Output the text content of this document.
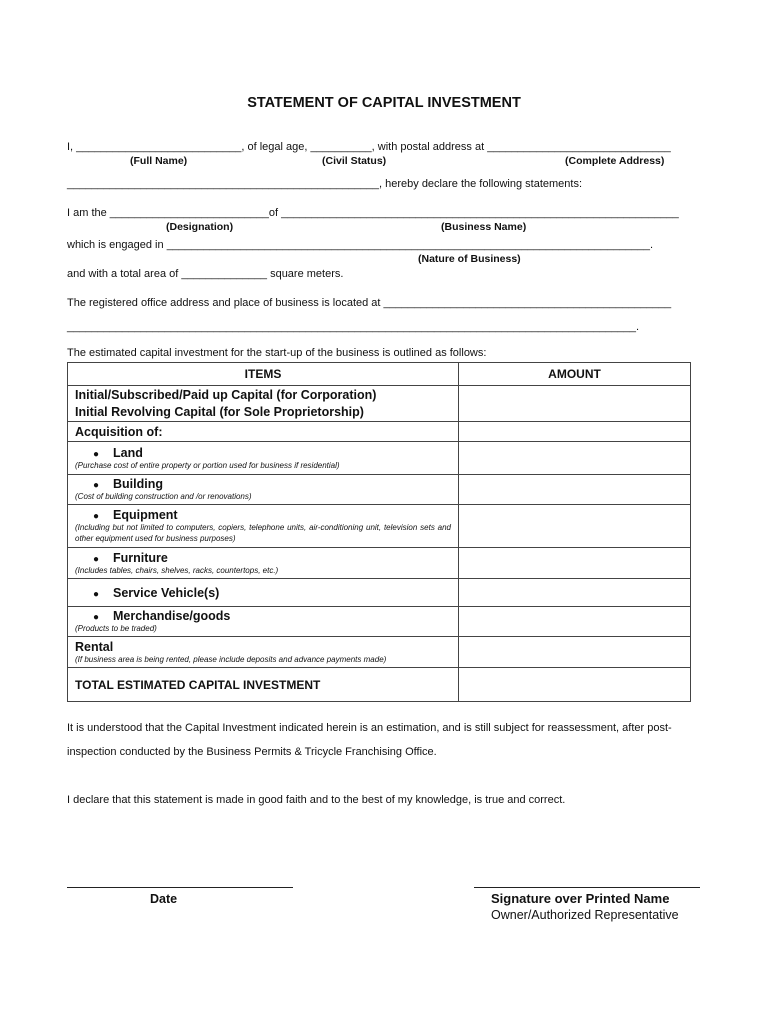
STATEMENT OF CAPITAL INVESTMENT
I, ___________________________, of legal age, __________, with postal address at ______________________________
(Full Name)	(Civil Status)	(Complete Address)
___________________________________________________, hereby declare the following statements:
I am the __________________________of _________________________________________________________________
(Designation)	(Business Name)
which is engaged in _______________________________________________________________________________.
(Nature of Business)
and with a total area of ______________ square meters.
The registered office address and place of business is located at _______________________________________________
_____________________________________________________________________________________________.
The estimated capital investment for the start-up of the business is outlined as follows:
ITEMS	AMOUNT

Initial/Subscribed/Paid up Capital (for Corporation)
Initial Revolving Capital (for Sole Proprietorship)	

Acquisition of:	
● Land
(Purchase cost of entire property or portion used for business if residential)	

● Building
(Cost of building construction and /or renovations)	

● Equipment
(Including but not limited to computers, copiers, telephone units, air-conditioning unit, television sets and other equipment used for business purposes)	

● Furniture
(Includes tables, chairs, shelves, racks, countertops, etc.)	

● Service Vehicle(s)	
● Merchandise/goods
(Products to be traded)	

Rental
(If business area is being rented, please include deposits and advance payments made)	

TOTAL ESTIMATED CAPITAL INVESTMENT	
It is understood that the Capital Investment indicated herein is an estimation, and is still subject for reassessment, after post-
inspection conducted by the Business Permits & Tricycle Franchising Office.
I declare that this statement is made in good faith and to the best of my knowledge, is true and correct.
Date	Signature over Printed Name
Owner/Authorized Representative
